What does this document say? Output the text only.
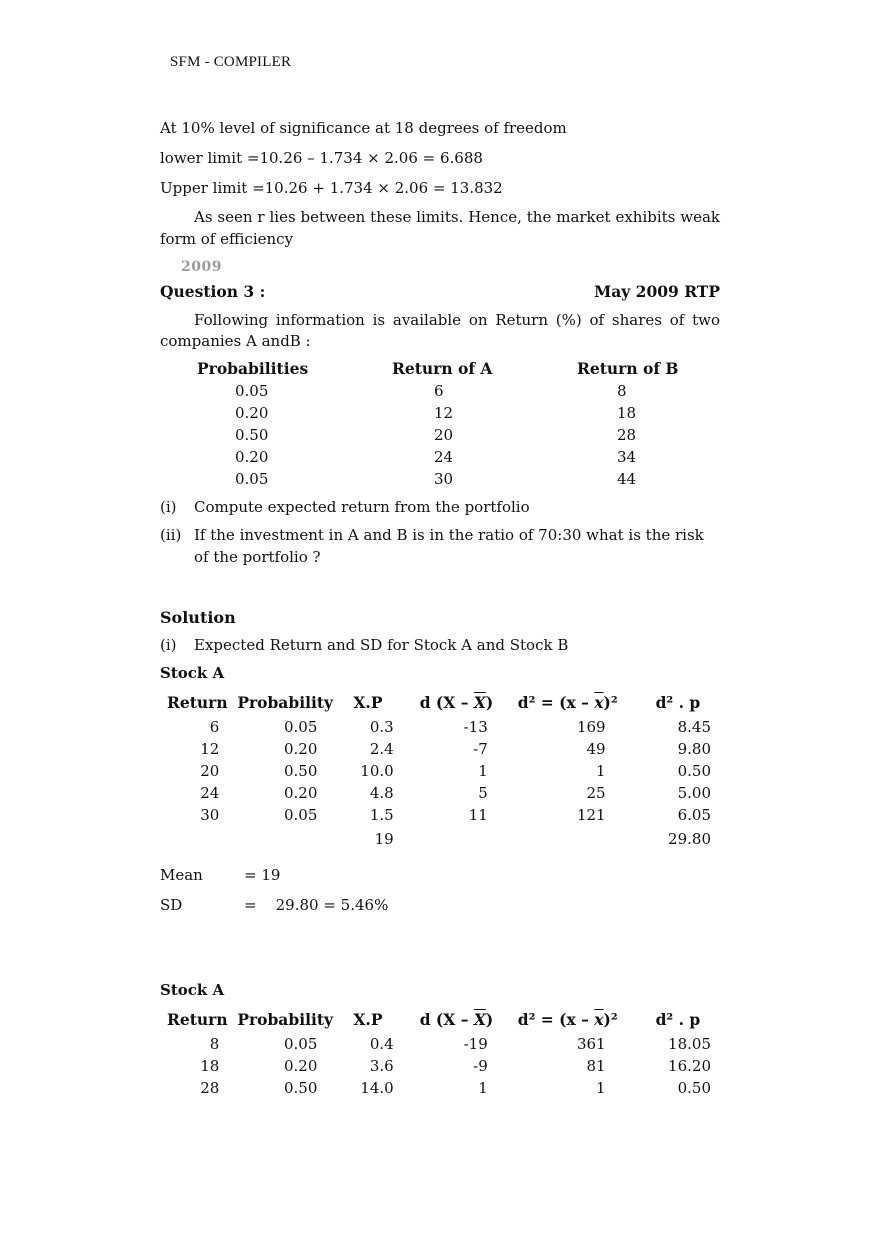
SFM - COMPILER

At 10% level of significance at 18 degrees of freedom

lower limit =10.26 – 1.734 × 2.06 = 6.688

Upper limit =10.26 + 1.734 × 2.06 = 13.832

As seen r lies between these limits. Hence, the market exhibits weak form of efficiency

2009
Question 3 :	May 2009 RTP

Following information is available on Return (%) of shares of two companies A andB :

Probabilities	Return of A	Return of B
0.05	6	8
0.20	12	18
0.50	20	28
0.20	24	34
0.05	30	44
(i)	Compute expected return from the portfolio
(ii) If the investment in A and B is in the ratio of 70:30 what is the risk of the portfolio ?
Solution
(i)	Expected Return and SD for Stock A and Stock B
Stock A
Return	Probability	X.P	d $(X - \overline{X})$	$d^2 = (x - \overline{x})^2$	d² . p
6	0.05	0.3	-13	169	8.45
12	0.20	2.4	-7	49	9.80
20	0.50	10.0	1	1	0.50
24	0.20	4.8	5	25	5.00
30	0.05	1.5	11	121	6.05
		19			29.80
Mean	= 19
SD	=    29.80 = 5.46%
Stock A
Return	Probability	X.P	d $(X - \overline{X})$	$d^2 = (x - \overline{x})^2$	d² . p
8	0.05	0.4	-19	361	18.05
18	0.20	3.6	-9	81	16.20
28	0.50	14.0	1	1	0.50
